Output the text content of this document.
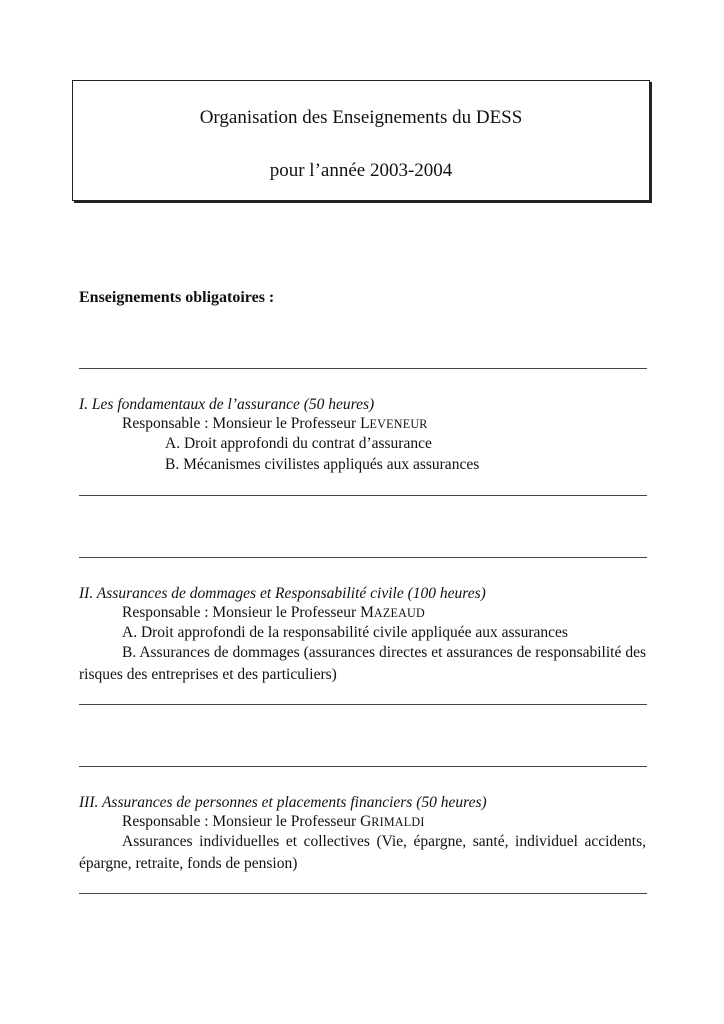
Organisation des Enseignements du DESS
pour l’année 2003-2004
Enseignements obligatoires :
I. Les fondamentaux de l’assurance (50 heures)
Responsable : Monsieur le Professeur LEVENEUR
A. Droit approfondi du contrat d’assurance
B. Mécanismes civilistes appliqués aux assurances
II. Assurances de dommages et Responsabilité civile (100 heures)
Responsable : Monsieur le Professeur MAZEAUD
A. Droit approfondi de la responsabilité civile appliquée aux assurances
B. Assurances de dommages (assurances directes et assurances de responsabilité des risques des entreprises et des particuliers)
III. Assurances de personnes et placements financiers (50 heures)
Responsable : Monsieur le Professeur GRIMALDI
Assurances individuelles et collectives (Vie, épargne, santé, individuel accidents, épargne, retraite, fonds de pension)
